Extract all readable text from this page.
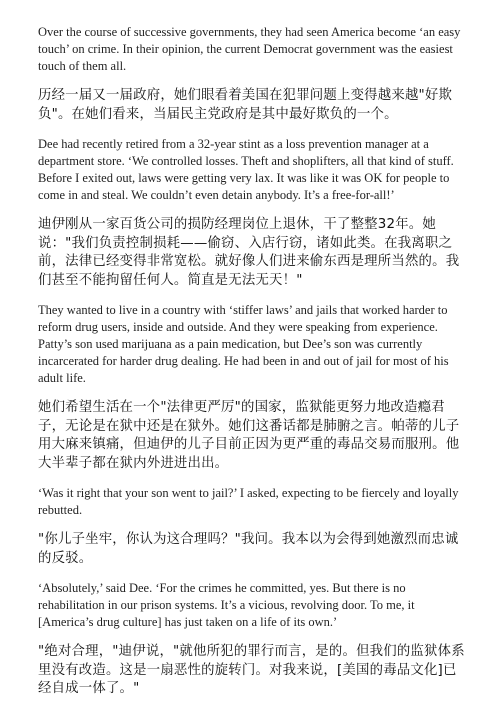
Over the course of successive governments, they had seen America become ‘an easy touch’ on crime. In their opinion, the current Democrat government was the easiest touch of them all.

历经一届又一届政府，她们眼看着美国在犯罪问题上变得越来越"好欺负"。在她们看来，当届民主党政府是其中最好欺负的一个。

Dee had recently retired from a 32-year stint as a loss prevention manager at a department store. ‘We controlled losses. Theft and shoplifters, all that kind of stuff. Before I exited out, laws were getting very lax. It was like it was OK for people to come in and steal. We couldn’t even detain anybody. It’s a free-for-all!’

迪伊刚从一家百货公司的损防经理岗位上退休，干了整整32年。她说："我们负责控制损耗——偷窃、入店行窃，诸如此类。在我离职之前，法律已经变得非常宽松。就好像人们进来偷东西是理所当然的。我们甚至不能拘留任何人。简直是无法无天！"

They wanted to live in a country with ‘stiffer laws’ and jails that worked harder to reform drug users, inside and outside. And they were speaking from experience. Patty’s son used marijuana as a pain medication, but Dee’s son was currently incarcerated for harder drug dealing. He had been in and out of jail for most of his adult life.

她们希望生活在一个"法律更严厉"的国家，监狱能更努力地改造瘾君子，无论是在狱中还是在狱外。她们这番话都是肺腑之言。帕蒂的儿子用大麻来镇痛，但迪伊的儿子目前正因为更严重的毒品交易而服刑。他大半辈子都在狱内外进进出出。

‘Was it right that your son went to jail?’ I asked, expecting to be fiercely and loyally rebutted.

"你儿子坐牢，你认为这合理吗？"我问。我本以为会得到她激烈而忠诚的反驳。

‘Absolutely,’ said Dee. ‘For the crimes he committed, yes. But there is no rehabilitation in our prison systems. It’s a vicious, revolving door. To me, it [America’s drug culture] has just taken on a life of its own.’

"绝对合理，"迪伊说，"就他所犯的罪行而言，是的。但我们的监狱体系里没有改造。这是一扇恶性的旋转门。对我来说，[美国的毒品文化]已经自成一体了。"
